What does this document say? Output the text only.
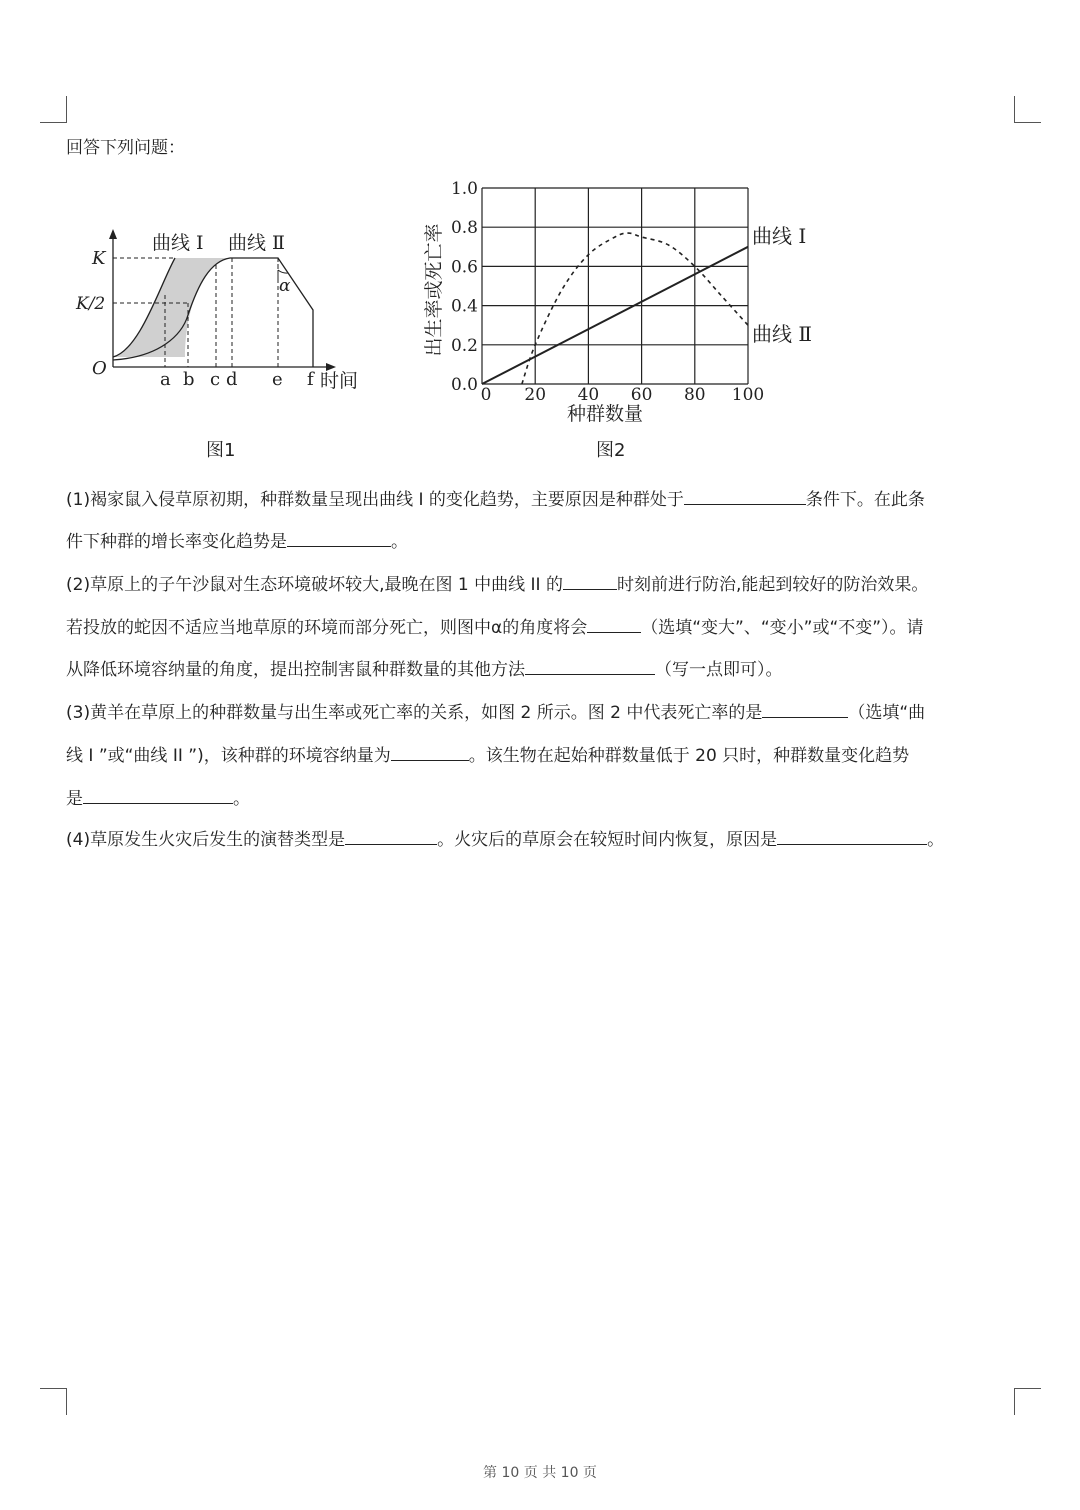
回答下列问题：
曲线 Ⅰ 曲线 Ⅱ
K
K/2
O
a b c d e f 时间
α
图1
0 20 40 60 80 100
0.0
0.2
0.4
0.6
0.8
1.0
种群数量
出生率或死亡率	曲线 Ⅰ
曲线 Ⅱ
图2
(1)褐家鼠入侵草原初期，种群数量呈现出曲线 I 的变化趋势，主要原因是种群处于	条件下。在此条
件下种群的增长率变化趋势是	。
(2)草原上的子午沙鼠对生态环境破坏较大,最晚在图 1 中曲线 II 的	时刻前进行防治,能起到较好的防治效果。
若投放的蛇因不适应当地草原的环境而部分死亡，则图中α的角度将会	（选填“变大”、“变小”或“不变”）。请
从降低环境容纳量的角度，提出控制害鼠种群数量的其他方法	（写一点即可）。
(3)黄羊在草原上的种群数量与出生率或死亡率的关系，如图 2 所示。图 2 中代表死亡率的是	（选填“曲
线 I ”或“曲线 II ”)，该种群的环境容纳量为	。该生物在起始种群数量低于 20 只时，种群数量变化趋势
是	。
(4)草原发生火灾后发生的演替类型是	。火灾后的草原会在较短时间内恢复，原因是	。
第 10 页 共 10 页
